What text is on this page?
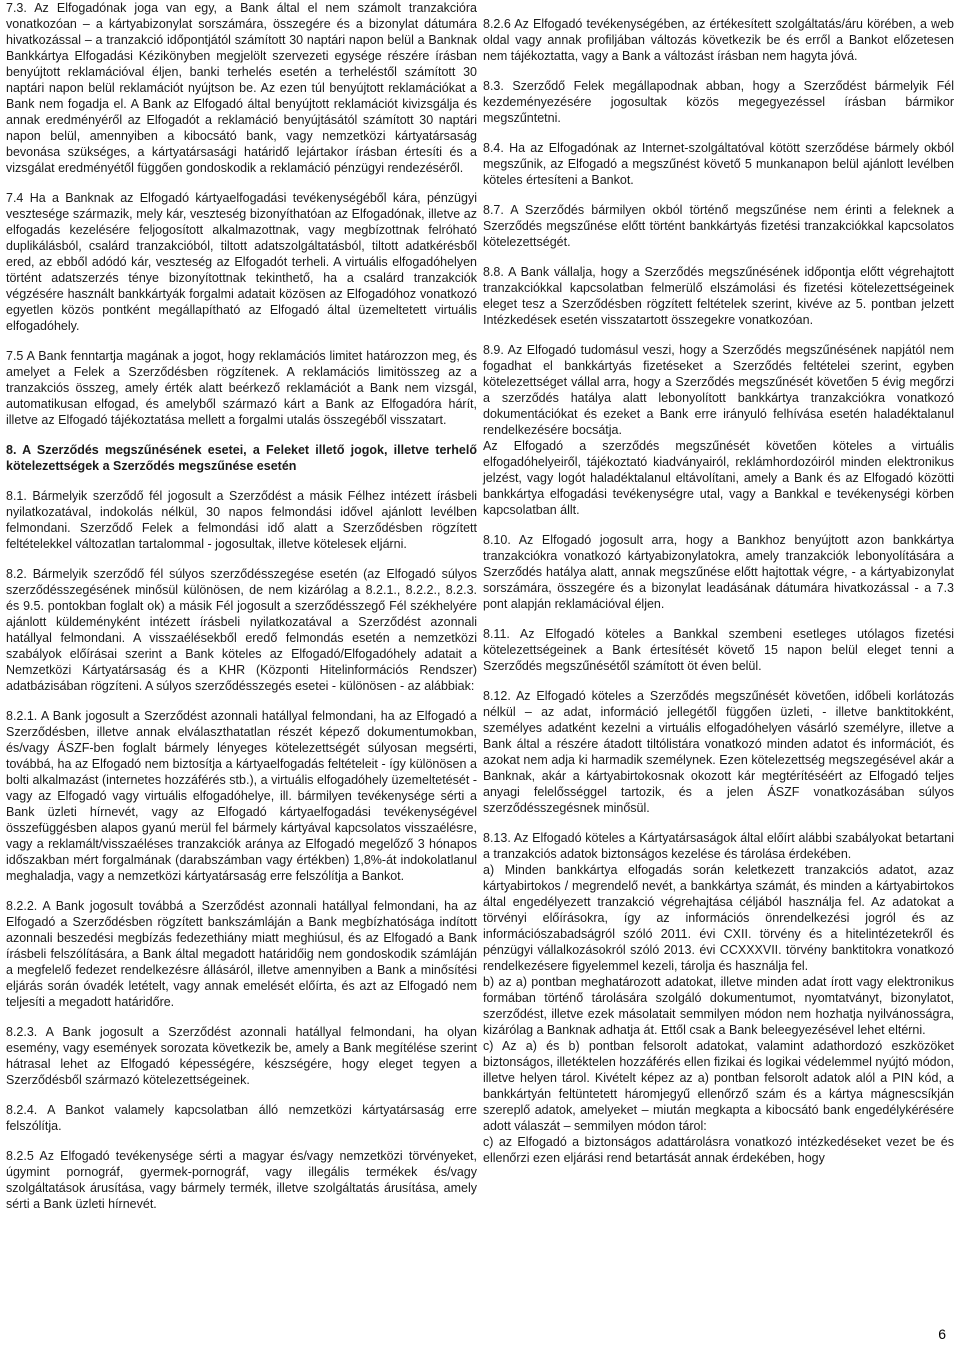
7.3. Az Elfogadónak joga van egy, a Bank által el nem számolt tranzakcióra vonatkozóan – a kártyabizonylat sorszámára, összegére és a bizonylat dátumára hivatkozással – a tranzakció időpontjától számított 30 naptári napon belül a Banknak Bankkártya Elfogadási Kézikönyben megjelölt szervezeti egysége részére írásban benyújtott reklamációval éljen, banki terhelés esetén a terheléstől számított 30 naptári napon belül reklamációt nyújtson be. Az ezen túl benyújtott reklamációkat a Bank nem fogadja el. A Bank az Elfogadó által benyújtott reklamációt kivizsgálja és annak eredményéről az Elfogadót a reklamáció benyújtásától számított 30 naptári napon belül, amennyiben a kibocsátó bank, vagy nemzetközi kártyatársaság bevonása szükséges, a kártyatársasági határidő lejártakor írásban értesíti és a vizsgálat eredményétől függően gondoskodik a reklamáció pénzügyi rendezéséről.

7.4 Ha a Banknak az Elfogadó kártyaelfogadási tevékenységéből kára, pénzügyi vesztesége származik, mely kár, veszteség bizonyíthatóan az Elfogadónak, illetve az elfogadás kezelésére feljogosított alkalmazottnak, vagy megbízottnak felróható duplikálásból, csalárd tranzakcióból, tiltott adatszolgáltatásból, tiltott adatkérésből ered, az ebből adódó kár, veszteség az Elfogadót terheli. A virtuális elfogadóhelyen történt adatszerzés ténye bizonyítottnak tekinthető, ha a csalárd tranzakciók végzésére használt bankkártyák forgalmi adatait közösen az Elfogadóhoz vonatkozó egyetlen közös pontként megállapítható az Elfogadó által üzemeltetett virtuális elfogadóhely.

7.5 A Bank fenntartja magának a jogot, hogy reklamációs limitet határozzon meg, és amelyet a Felek a Szerződésben rögzítenek. A reklamációs limitösszeg az a tranzakciós összeg, amely érték alatt beérkező reklamációt a Bank nem vizsgál, automatikusan elfogad, és amelyből származó kárt a Bank az Elfogadóra hárít, illetve az Elfogadó tájékoztatása mellett a forgalmi utalás összegéből visszatart.

8. A Szerződés megszűnésének esetei, a Feleket illető jogok, illetve terhelő kötelezettségek a Szerződés megszűnése esetén

8.1. Bármelyik szerződő fél jogosult a Szerződést a másik Félhez intézett írásbeli nyilatkozatával, indokolás nélkül, 30 napos felmondási idővel ajánlott levélben felmondani. Szerződő Felek a felmondási idő alatt a Szerződésben rögzített feltételekkel változatlan tartalommal - jogosultak, illetve kötelesek eljárni.

8.2. Bármelyik szerződő fél súlyos szerződésszegése esetén (az Elfogadó súlyos szerződésszegésének minősül különösen, de nem kizárólag a 8.2.1., 8.2.2., 8.2.3. és 9.5. pontokban foglalt ok) a másik Fél jogosult a szerződésszegő Fél székhelyére ajánlott küldeményként intézett írásbeli nyilatkozatával a Szerződést azonnali hatállyal felmondani. A visszaélésekből eredő felmondás esetén a nemzetközi szabályok előírásai szerint a Bank köteles az Elfogadó/Elfogadóhely adatait a Nemzetközi Kártyatársaság és a KHR (Központi Hitelinformációs Rendszer) adatbázisában rögzíteni. A súlyos szerződésszegés esetei - különösen - az alábbiak:

8.2.1. A Bank jogosult a Szerződést azonnali hatállyal felmondani, ha az Elfogadó a Szerződésben, illetve annak elválaszthatatlan részét képező dokumentumokban, és/vagy ÁSZF-ben foglalt bármely lényeges kötelezettségét súlyosan megsérti, továbbá, ha az Elfogadó nem biztosítja a kártyaelfogadás feltételeit - így különösen a bolti alkalmazást (internetes hozzáférés stb.), a virtuális elfogadóhely üzemeltetését - vagy az Elfogadó vagy virtuális elfogadóhelye, ill. bármilyen tevékenysége sérti a Bank üzleti hírnevét, vagy az Elfogadó kártyaelfogadási tevékenységével összefüggésben alapos gyanú merül fel bármely kártyával kapcsolatos visszaélésre, vagy a reklamált/visszaéléses tranzakciók aránya az Elfogadó megelőző 3 hónapos időszakban mért forgalmának (darabszámban vagy értékben) 1,8%-át indokolatlanul meghaladja, vagy a nemzetközi kártyatársaság erre felszólítja a Bankot.

8.2.2. A Bank jogosult továbbá a Szerződést azonnali hatállyal felmondani, ha az Elfogadó a Szerződésben rögzített bankszámláján a Bank megbízhatósága indított azonnali beszedési megbízás fedezethiány miatt meghiúsul, és az Elfogadó a Bank írásbeli felszólítására, a Bank által megadott határidőig nem gondoskodik számláján a megfelelő fedezet rendelkezésre állásáról, illetve amennyiben a Bank a minősítési eljárás során óvadék letételt, vagy annak emelését előírta, és azt az Elfogadó nem teljesíti a megadott határidőre.

8.2.3. A Bank jogosult a Szerződést azonnali hatállyal felmondani, ha olyan esemény, vagy események sorozata következik be, amely a Bank megítélése szerint hátrasal lehet az Elfogadó képességére, készségére, hogy eleget tegyen a Szerződésből származó kötelezettségeinek.

8.2.4. A Bankot valamely kapcsolatban álló nemzetközi kártyatársaság erre felszólítja.

8.2.5 Az Elfogadó tevékenysége sérti a magyar és/vagy nemzetközi törvényeket, úgymint pornográf, gyermek-pornográf, vagy illegális termékek és/vagy szolgáltatások árusítása, vagy bármely termék, illetve szolgáltatás árusítása, amely sérti a Bank üzleti hírnevét.

8.2.6 Az Elfogadó tevékenységében, az értékesített szolgáltatás/áru körében, a web oldal vagy annak profiljában változás következik be és erről a Bankot előzetesen nem tájékoztatta, vagy a Bank a változást írásban nem hagyta jóvá.

8.3. Szerződő Felek megállapodnak abban, hogy a Szerződést bármelyik Fél kezdeményezésére jogosultak közös megegyezéssel írásban bármikor megszűntetni.

8.4. Ha az Elfogadónak az Internet-szolgáltatóval kötött szerződése bármely okból megszűnik, az Elfogadó a megszűnést követő 5 munkanapon belül ajánlott levélben köteles értesíteni a Bankot.

8.7. A Szerződés bármilyen okból történő megszűnése nem érinti a feleknek a Szerződés megszűnése előtt történt bankkártyás fizetési tranzakciókkal kapcsolatos kötelezettségét.

8.8. A Bank vállalja, hogy a Szerződés megszűnésének időpontja előtt végrehajtott tranzakciókkal kapcsolatban felmerülő elszámolási és fizetési kötelezettségeinek eleget tesz a Szerződésben rögzített feltételek szerint, kivéve az 5. pontban jelzett Intézkedések esetén visszatartott összegekre vonatkozóan.

8.9. Az Elfogadó tudomásul veszi, hogy a Szerződés megszűnésének napjától nem fogadhat el bankkártyás fizetéseket a Szerződés feltételei szerint, egyben kötelezettséget vállal arra, hogy a Szerződés megszűnését követően 5 évig megőrzi a szerződés hatálya alatt lebonyolított bankkártya tranzakciókra vonatkozó dokumentációkat és ezeket a Bank erre irányuló felhívása esetén haladéktalanul rendelkezésére bocsátja.
Az Elfogadó a szerződés megszűnését követően köteles a virtuális elfogadóhelyeiről, tájékoztató kiadványairól, reklámhordozóiról minden elektronikus jelzést, vagy logót haladéktalanul eltávolítani, amely a Bank és az Elfogadó közötti bankkártya elfogadási tevékenységre utal, vagy a Bankkal e tevékenységi körben kapcsolatban állt.

8.10. Az Elfogadó jogosult arra, hogy a Bankhoz benyújtott azon bankkártya tranzakciókra vonatkozó kártyabizonylatokra, amely tranzakciók lebonyolítására a Szerződés hatálya alatt, annak megszűnése előtt hajtottak végre, - a kártyabizonylat sorszámára, összegére és a bizonylat leadásának dátumára hivatkozással - a 7.3 pont alapján reklamációval éljen.

8.11. Az Elfogadó köteles a Bankkal szembeni esetleges utólagos fizetési kötelezettségeinek a Bank értesítését követő 15 napon belül eleget tenni a Szerződés megszűnésétől számított öt éven belül.

8.12. Az Elfogadó köteles a Szerződés megszűnését követően, időbeli korlátozás nélkül – az adat, információ jellegétől függően üzleti, - illetve banktitokként, személyes adatként kezelni a virtuális elfogadóhelyen vásárló személyre, illetve a Bank által a részére átadott tiltólistára vonatkozó minden adatot és információt, és azokat nem adja ki harmadik személynek. Ezen kötelezettség megszegésével akár a Banknak, akár a kártyabirtokosnak okozott kár megtérítéséért az Elfogadó teljes anyagi felelősséggel tartozik, és a jelen ÁSZF vonatkozásában súlyos szerződésszegésnek minősül.

8.13. Az Elfogadó köteles a Kártyatársaságok által előírt alábbi szabályokat betartani a tranzakciós adatok biztonságos kezelése és tárolása érdekében.
a) Minden bankkártya elfogadás során keletkezett tranzakciós adatot, azaz kártyabirtokos / megrendelő nevét, a bankkártya számát, és minden a kártyabirtokos által engedélyezett tranzakció végrehajtása céljából használja fel. Az adatokat a törvényi előírásokra, így az információs önrendelkezési jogról és az információszabadságról szóló 2011. évi CXII. törvény és a hitelintézetekről és pénzügyi vállalkozásokról szóló 2013. évi CCXXXVII. törvény banktitokra vonatkozó rendelkezésere figyelemmel kezeli, tárolja és használja fel.
b) az a) pontban meghatározott adatokat, illetve minden adat írott vagy elektronikus formában történő tárolására szolgáló dokumentumot, nyomtatványt, bizonylatot, szerződést, illetve ezek másolatait semmilyen módon nem hozhatja nyilvánosságra, kizárólag a Banknak adhatja át. Ettől csak a Bank beleegyezésével lehet eltérni.
c) Az a) és b) pontban felsorolt adatokat, valamint adathordozó eszközöket biztonságos, illetéktelen hozzáférés ellen fizikai és logikai védelemmel nyújtó módon, illetve helyen tárol. Kivételt képez az a) pontban felsorolt adatok alól a PIN kód, a bankkártyán feltüntetett háromjegyű ellenőrző szám és a kártya mágnescsíkján szereplő adatok, amelyeket – miután megkapta a kibocsátó bank engedélykérésére adott válaszát – semmilyen módon tárol:
c) az Elfogadó a biztonságos adattárolásra vonatkozó intézkedéseket vezet be és ellenőrzi ezen eljárási rend betartását annak érdekében, hogy

6
